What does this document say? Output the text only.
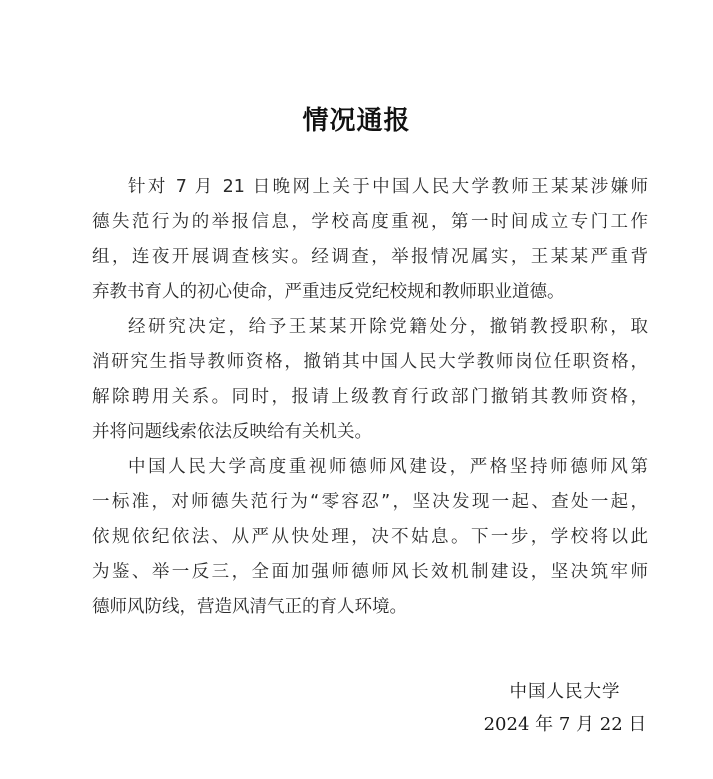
情况通报
针对 7 月 21 日晚网上关于中国人民大学教师王某某涉嫌师
德失范行为的举报信息，学校高度重视，第一时间成立专门工作
组，连夜开展调查核实。经调查，举报情况属实，王某某严重背
弃教书育人的初心使命，严重违反党纪校规和教师职业道德。
经研究决定，给予王某某开除党籍处分，撤销教授职称，取
消研究生指导教师资格，撤销其中国人民大学教师岗位任职资格，
解除聘用关系。同时，报请上级教育行政部门撤销其教师资格，
并将问题线索依法反映给有关机关。
中国人民大学高度重视师德师风建设，严格坚持师德师风第
一标准，对师德失范行为“零容忍”，坚决发现一起、查处一起，
依规依纪依法、从严从快处理，决不姑息。下一步，学校将以此
为鉴、举一反三，全面加强师德师风长效机制建设，坚决筑牢师
德师风防线，营造风清气正的育人环境。
中国人民大学
2024 年 7 月 22 日
